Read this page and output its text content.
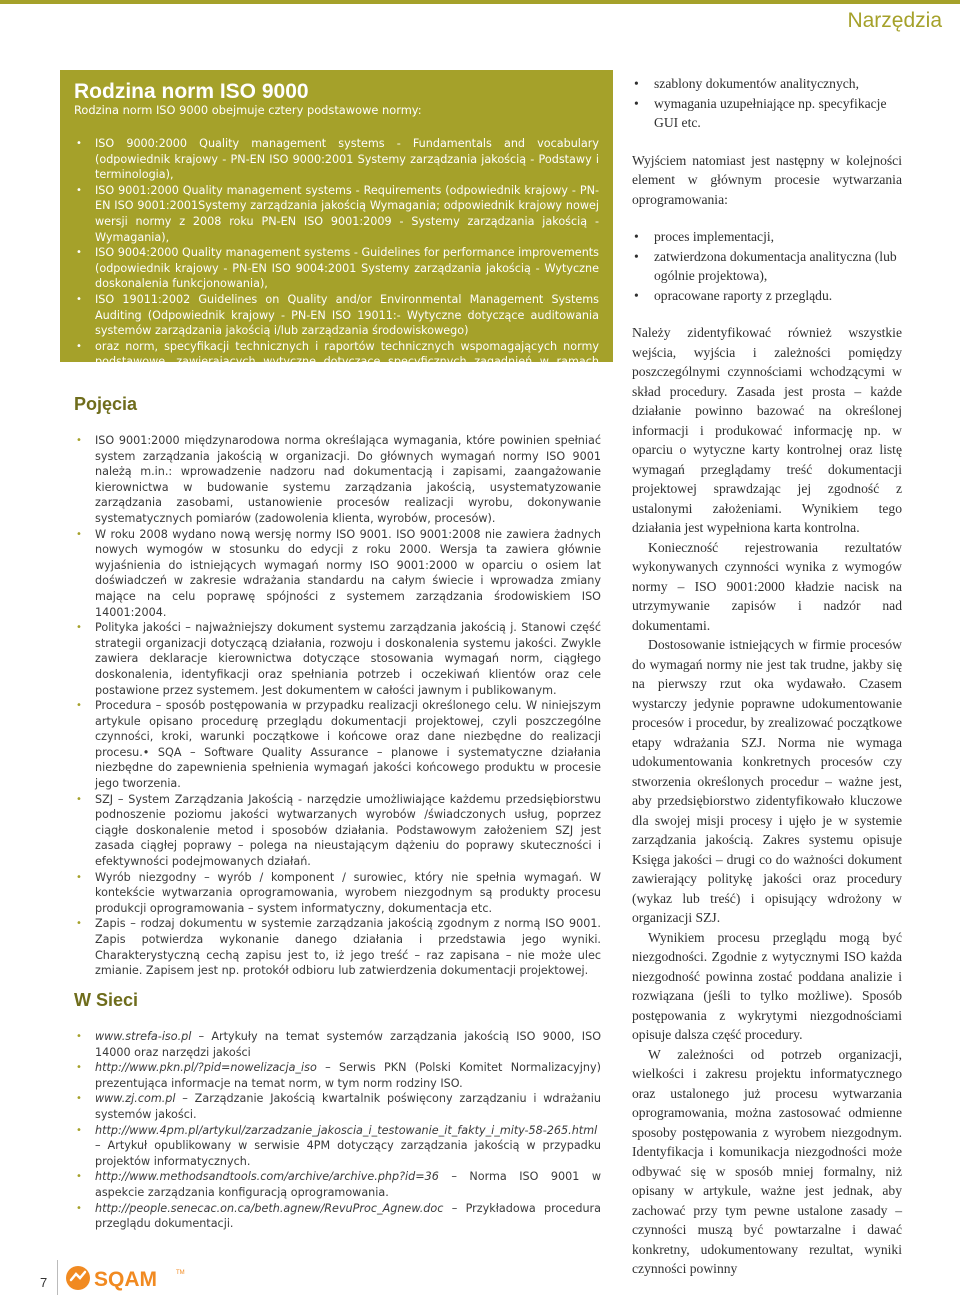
Narzędzia
Rodzina norm ISO 9000
Rodzina norm ISO 9000 obejmuje cztery podstawowe normy:
• ISO 9000:2000 Quality management systems - Fundamentals and vocabulary (odpowiednik krajowy - PN-EN ISO 9000:2001 Systemy zarządzania jakością - Podstawy i terminologia),
• ISO 9001:2000 Quality management systems - Requirements (odpowiednik krajowy - PN-EN ISO 9001:2001Systemy zarządzania jakością Wymagania; odpowiednik krajowy nowej wersji normy z 2008 roku PN-EN ISO 9001:2009 - Systemy zarządzania jakością - Wymagania),
• ISO 9004:2000 Quality management systems - Guidelines for performance improvements (odpowiednik krajowy - PN-EN ISO 9004:2001 Systemy zarządzania jakością - Wytyczne doskonalenia funkcjonowania),
• ISO 19011:2002 Guidelines on Quality and/or Environmental Management Systems Auditing (Odpowiednik krajowy - PN-EN ISO 19011:- Wytyczne dotyczące auditowania systemów zarządzania jakością i/lub zarządzania środowiskowego)
• oraz norm, specyfikacji technicznych i raportów technicznych wspomagających normy podstawowe, zawierających wytyczne dotyczące specyficznych zagadnień w ramach systemu zarządzania jakością.
Pojęcia
• ISO 9001:2000 międzynarodowa norma określająca wymagania, które powinien spełniać system zarządzania jakością w organizacji. Do głównych wymagań normy ISO 9001 należą m.in.: wprowadzenie nadzoru nad dokumentacją i zapisami, zaangażowanie kierownictwa w budowanie systemu zarządzania jakością, usystematyzowanie zarządzania zasobami, ustanowienie procesów realizacji wyrobu, dokonywanie systematycznych pomiarów (zadowolenia klienta, wyrobów, procesów).
• W roku 2008 wydano nową wersję normy ISO 9001. ISO 9001:2008 nie zawiera żadnych nowych wymogów w stosunku do edycji z roku 2000. Wersja ta zawiera głównie wyjaśnienia do istniejących wymagań normy ISO 9001:2000 w oparciu o osiem lat doświadczeń w zakresie wdrażania standardu na całym świecie i wprowadza zmiany mające na celu poprawę spójności z systemem zarządzania środowiskiem ISO 14001:2004.
• Polityka jakości – najważniejszy dokument systemu zarządzania jakością j. Stanowi część strategii organizacji dotyczącą działania, rozwoju i doskonalenia systemu jakości. Zwykle zawiera deklaracje kierownictwa dotyczące stosowania wymagań norm, ciągłego doskonalenia, identyfikacji oraz spełniania potrzeb i oczekiwań klientów oraz cele postawione przez systemem. Jest dokumentem w całości jawnym i publikowanym.
• Procedura – sposób postępowania w przypadku realizacji określonego celu. W niniejszym artykule opisano procedurę przeglądu dokumentacji projektowej, czyli poszczególne czynności, kroki, warunki początkowe i końcowe oraz dane niezbędne do realizacji procesu.• SQA – Software Quality Assurance – planowe i systematyczne działania niezbędne do zapewnienia spełnienia wymagań jakości końcowego produktu w procesie jego tworzenia.
• SZJ – System Zarządzania Jakością - narzędzie umożliwiające każdemu przedsiębiorstwu podnoszenie poziomu jakości wytwarzanych wyrobów /świadczonych usług, poprzez ciągłe doskonalenie metod i sposobów działania. Podstawowym założeniem SZJ jest zasada ciągłej poprawy – polega na nieustającym dążeniu do poprawy skuteczności i efektywności podejmowanych działań.
• Wyrób niezgodny – wyrób / komponent / surowiec, który nie spełnia wymagań. W kontekście wytwarzania oprogramowania, wyrobem niezgodnym są produkty procesu produkcji oprogramowania – system informatyczny, dokumentacja etc.
• Zapis – rodzaj dokumentu w systemie zarządzania jakością zgodnym z normą ISO 9001. Zapis potwierdza wykonanie danego działania i przedstawia jego wyniki. Charakterystyczną cechą zapisu jest to, iż jego treść – raz zapisana – nie może ulec zmianie. Zapisem jest np. protokół odbioru lub zatwierdzenia dokumentacji projektowej.
W Sieci
• www.strefa-iso.pl – Artykuły na temat systemów zarządzania jakością ISO 9000, ISO 14000 oraz narzędzi jakości
• http://www.pkn.pl/?pid=nowelizacja_iso – Serwis PKN (Polski Komitet Normalizacyjny) prezentująca informacje na temat norm, w tym norm rodziny ISO.
• www.zj.com.pl – Zarządzanie Jakością kwartalnik poświęcony zarządzaniu i wdrażaniu systemów jakości.
• http://www.4pm.pl/artykul/zarzadzanie_jakoscia_i_testowanie_it_fakty_i_mity-58-265.html – Artykuł opublikowany w serwisie 4PM dotyczący zarządzania jakością w przypadku projektów informatycznych.
• http://www.methodsandtools.com/archive/archive.php?id=36 – Norma ISO 9001 w aspekcie zarządzania konfiguracją oprogramowania.
• http://people.senecac.on.ca/beth.agnew/RevuProc_Agnew.doc – Przykładowa procedura przeglądu dokumentacji.
• szablony dokumentów analitycznych,
• wymagania uzupełniające np. specyfikacje GUI etc.

Wyjściem natomiast jest następny w kolejności element w głównym procesie wytwarzania oprogramowania:

• proces implementacji,
• zatwierdzona dokumentacja analityczna (lub ogólnie projektowa),
• opracowane raporty z przeglądu.

Należy zidentyfikować również wszystkie wejścia, wyjścia i zależności pomiędzy poszczególnymi czynnościami wchodzącymi w skład procedury. Zasada jest prosta – każde działanie powinno bazować na określonej informacji i produkować informację np. w oparciu o wytyczne karty kontrolnej oraz listę wymagań przeglądamy treść dokumentacji projektowej sprawdzając jej zgodność z ustalonymi założeniami. Wynikiem tego działania jest wypełniona karta kontrolna.

Konieczność rejestrowania rezultatów wykonywanych czynności wynika z wymogów normy – ISO 9001:2000 kładzie nacisk na utrzymywanie zapisów i nadzór nad dokumentami.

Dostosowanie istniejących w firmie procesów do wymagań normy nie jest tak trudne, jakby się na pierwszy rzut oka wydawało. Czasem wystarczy jedynie poprawne udokumentowanie procesów i procedur, by zrealizować początkowe etapy wdrażania SZJ. Norma nie wymaga udokumentowania konkretnych procesów czy stworzenia określonych procedur – ważne jest, aby przedsiębiorstwo zidentyfikowało kluczowe dla swojej misji procesy i ujęło je w systemie zarządzania jakością. Zakres systemu opisuje Księga jakości – drugi co do ważności dokument zawierający politykę jakości oraz procedury (wykaz lub treść) i opisujący wdrożony w organizacji SZJ.

Wynikiem procesu przeglądu mogą być niezgodności. Zgodnie z wytycznymi ISO każda niezgodność powinna zostać poddana analizie i rozwiązana (jeśli to tylko możliwe). Sposób postępowania z wykrytymi niezgodnościami opisuje dalsza część procedury.

W zależności od potrzeb organizacji, wielkości i zakresu projektu informatycznego oraz ustalonego już procesu wytwarzania oprogramowania, można zastosować odmienne sposoby postępowania z wyrobem niezgodnym. Identyfikacja i komunikacja niezgodności może odbywać się w sposób mniej formalny, niż opisany w artykule, ważne jest jednak, aby zachować przy tym pewne ustalone zasady – czynności muszą być powtarzalne i dawać konkretny, udokumentowany rezultat, wyniki czynności powinny

7 SQAM	TM
